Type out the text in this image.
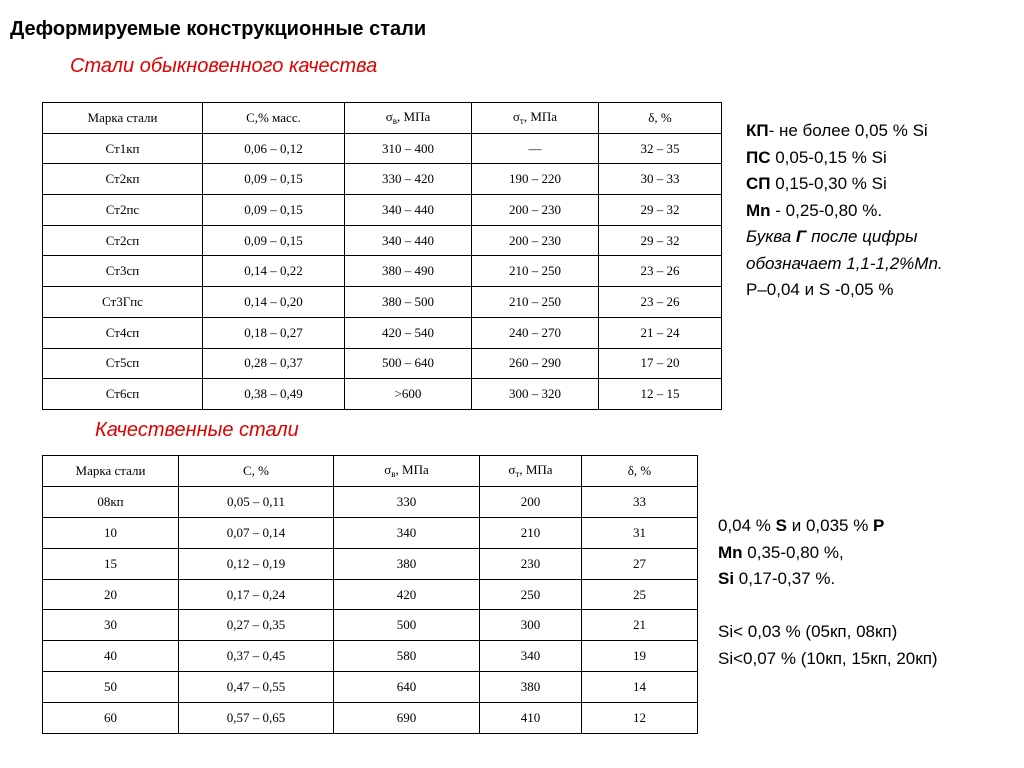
Деформируемые конструкционные стали
Стали обыкновенного качества
Марка стали	С,% масс.	$\sigma_в$, МПа	$\sigma_т$, МПа	δ, %
Ст1кп	0,06 – 0,12	310 – 400	—	32 – 35
Ст2кп	0,09 – 0,15	330 – 420	190 – 220	30 – 33
Ст2пс	0,09 – 0,15	340 – 440	200 – 230	29 – 32
Ст2сп	0,09 – 0,15	340 – 440	200 – 230	29 – 32
Ст3сп	0,14 – 0,22	380 – 490	210 – 250	23 – 26
Ст3Гпс	0,14 – 0,20	380 – 500	210 – 250	23 – 26
Ст4сп	0,18 – 0,27	420 – 540	240 – 270	21 – 24
Ст5сп	0,28 – 0,37	500 – 640	260 – 290	17 – 20
Ст6сп	0,38 – 0,49	>600	300 – 320	12 – 15
КП- не более 0,05 % Si
ПС 0,05-0,15 % Si
СП 0,15-0,30 % Si
Mn - 0,25-0,80 %.
Буква Г после цифры
обозначает 1,1-1,2%Mn.
P–0,04 и S -0,05 %
Качественные стали
Марка стали	С, %	$\sigma_в$, МПа	$\sigma_т$, МПа	δ, %
08кп	0,05 – 0,11	330	200	33
10	0,07 – 0,14	340	210	31
15	0,12 – 0,19	380	230	27
20	0,17 – 0,24	420	250	25
30	0,27 – 0,35	500	300	21
40	0,37 – 0,45	580	340	19
50	0,47 – 0,55	640	380	14
60	0,57 – 0,65	690	410	12
0,04 % S и 0,035 % P
Mn 0,35-0,80 %,
Si 0,17-0,37 %.
Si< 0,03 % (05кп, 08кп)
Si<0,07 % (10кп, 15кп, 20кп)
